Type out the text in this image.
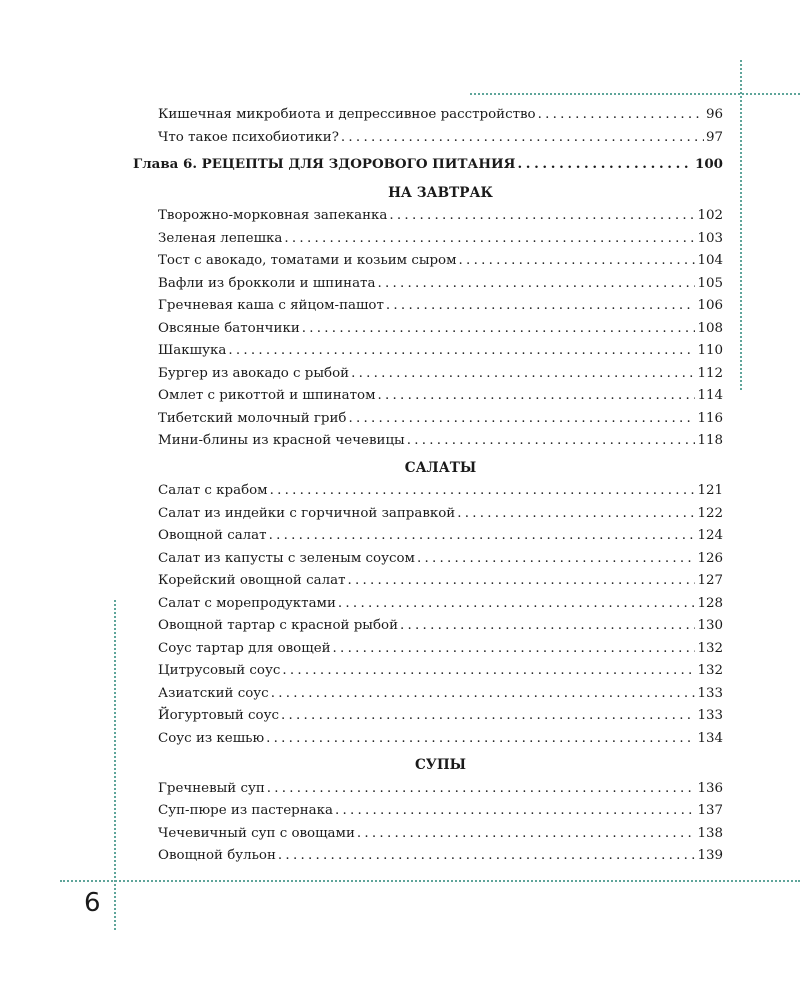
Кишечная микробиота и депрессивное расстройство . . .	96
Что такое психобиотики? . . .	97
Глава 6. РЕЦЕПТЫ ДЛЯ ЗДОРОВОГО ПИТАНИЯ . . .	100
НА ЗАВТРАК
Творожно-морковная запеканка . . .	102
Зеленая лепешка . . .	103
Тост с авокадо, томатами и козьим сыром . . .	104
Вафли из брокколи и шпината . . .	105
Гречневая каша с яйцом-пашот . . .	106
Овсяные батончики . . .	108
Шакшука . . .	110
Бургер из авокадо с рыбой . . .	112
Омлет с рикоттой и шпинатом . . .	114
Тибетский молочный гриб . . .	116
Мини-блины из красной чечевицы . . .	118
САЛАТЫ
Салат с крабом . . .	121
Салат из индейки с горчичной заправкой . . .	122
Овощной салат . . .	124
Салат из капусты с зеленым соусом . . .	126
Корейский овощной салат . . .	127
Салат с морепродуктами . . .	128
Овощной тартар с красной рыбой . . .	130
Соус тартар для овощей . . .	132
Цитрусовый соус . . .	132
Азиатский соус . . .	133
Йогуртовый соус . . .	133
Соус из кешью . . .	134
СУПЫ
Гречневый суп . . .	136
Суп-пюре из пастернака . . .	137
Чечевичный суп с овощами . . .	138
Овощной бульон . . .	139
6
